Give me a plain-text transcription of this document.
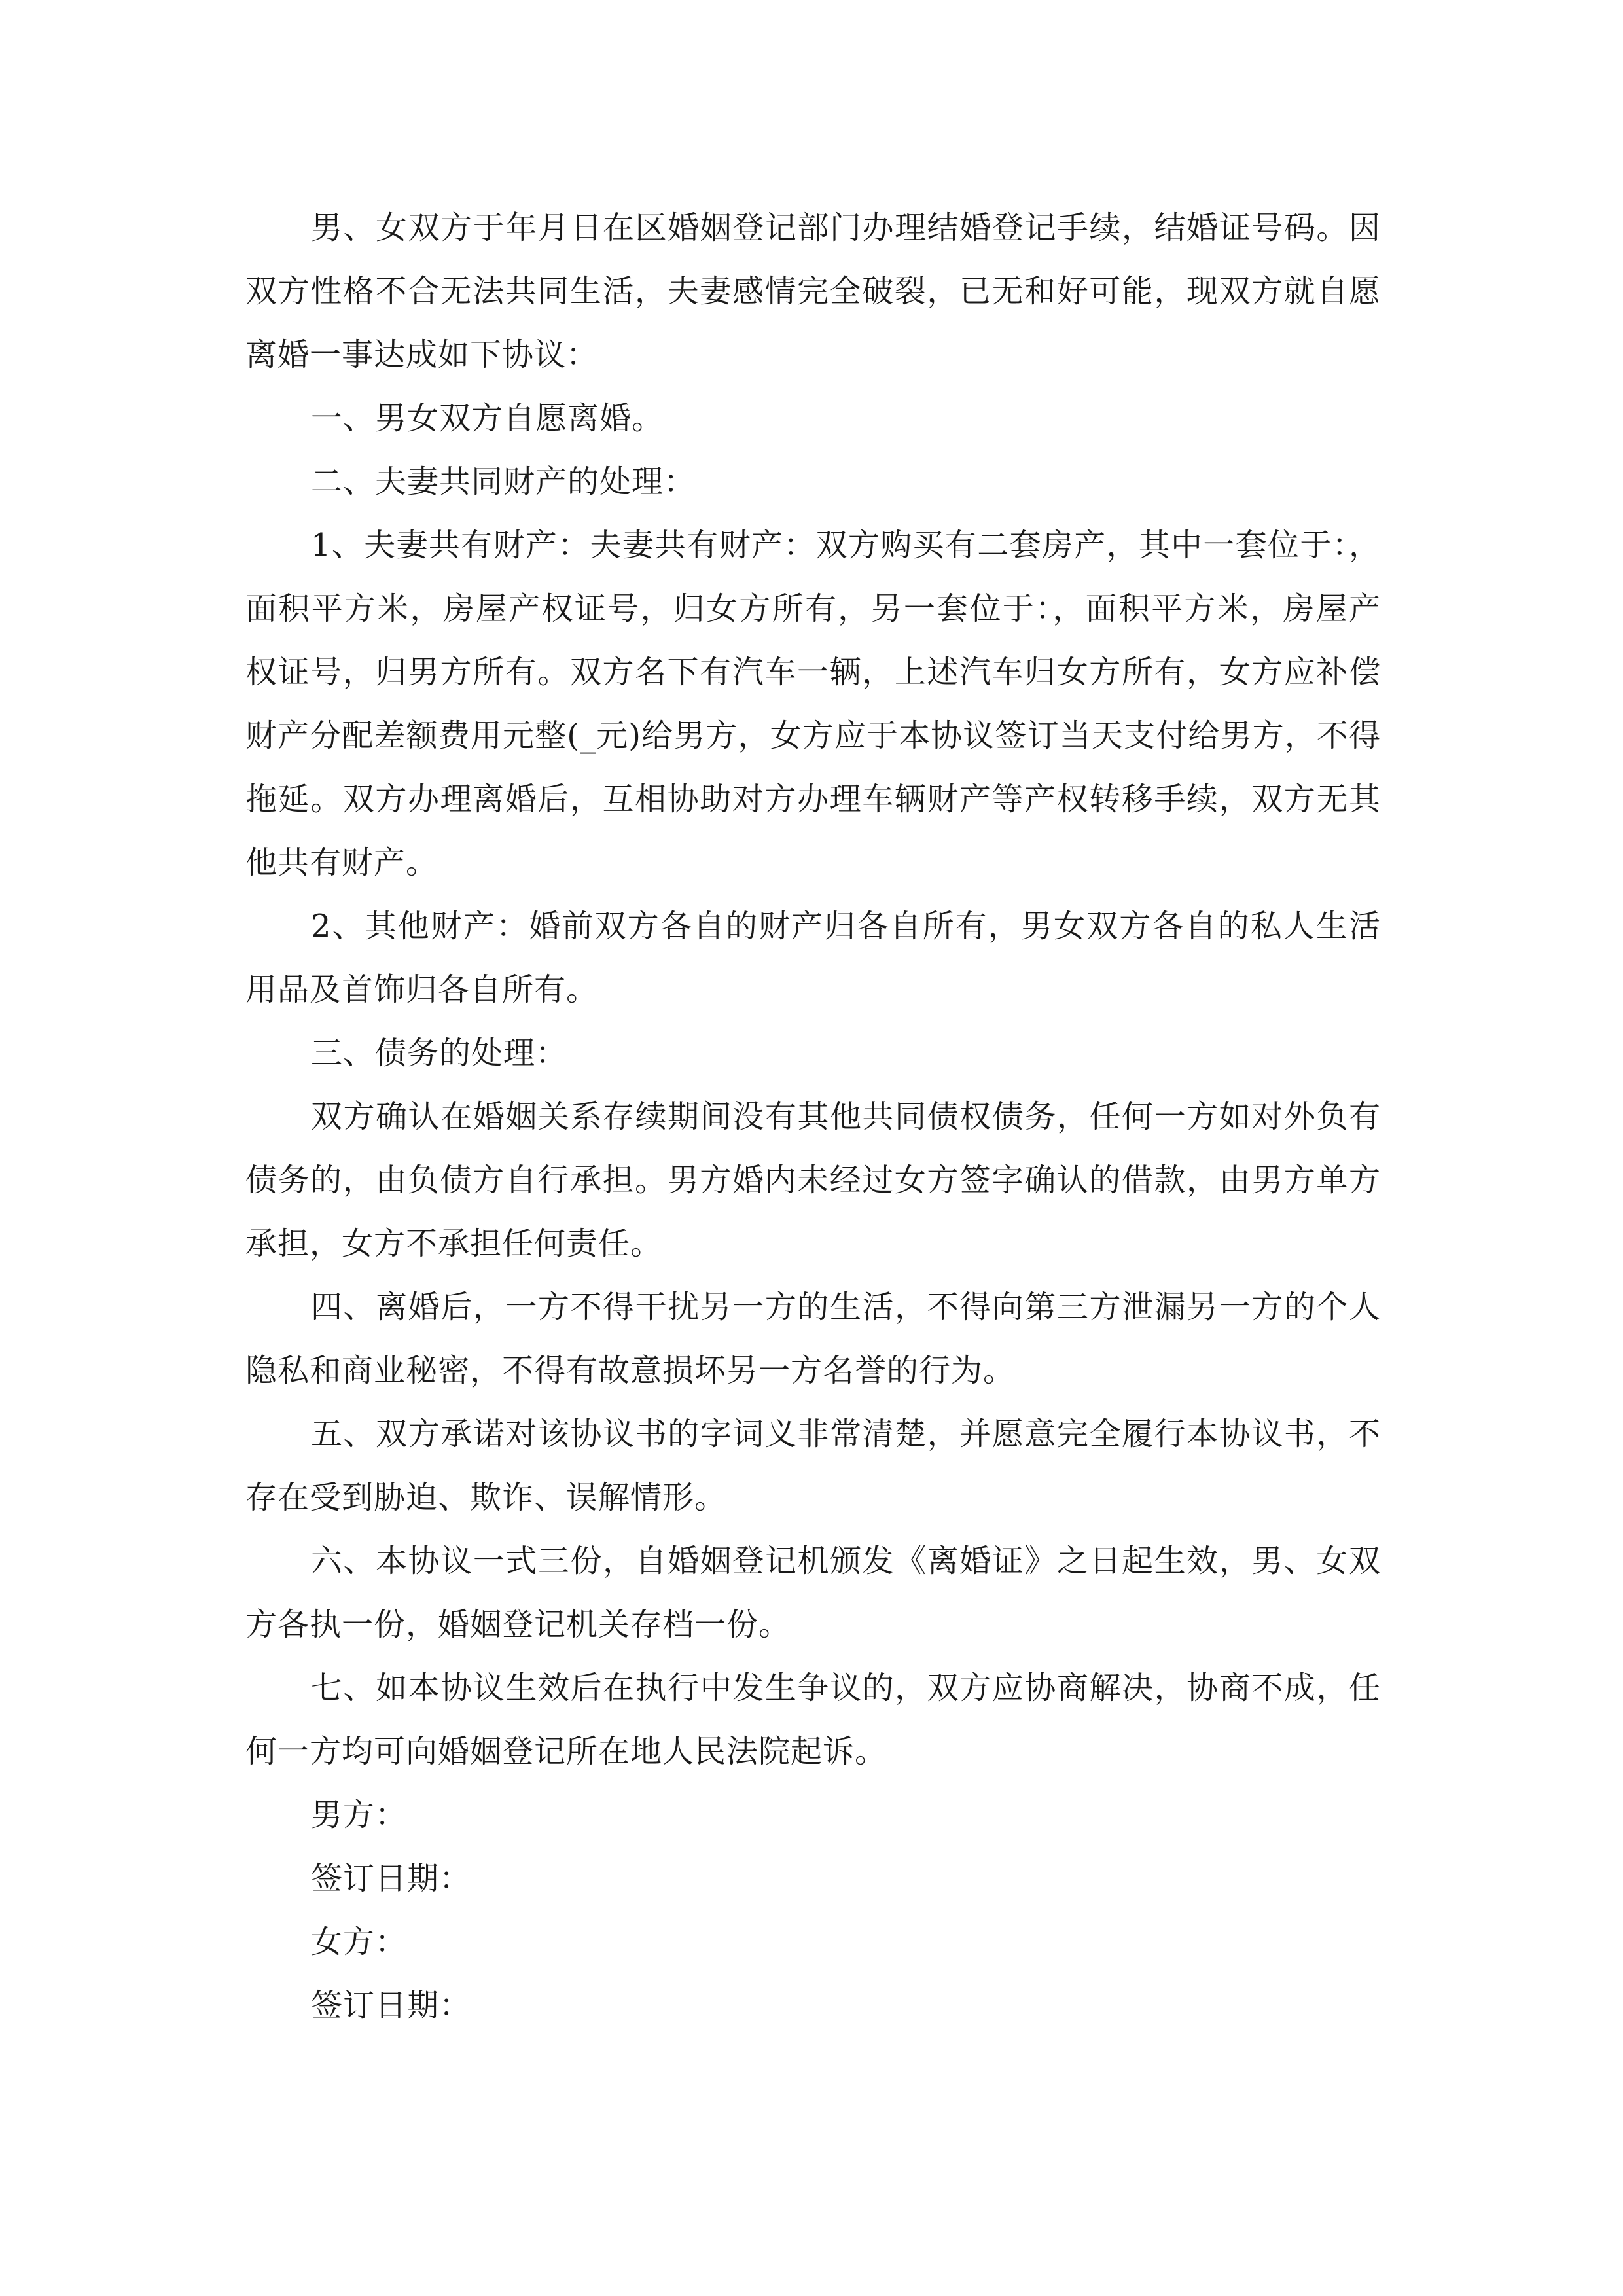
男、女双方于年月日在区婚姻登记部门办理结婚登记手续，结婚证号码。因双方性格不合无法共同生活，夫妻感情完全破裂，已无和好可能，现双方就自愿离婚一事达成如下协议：

一、男女双方自愿离婚。

二、夫妻共同财产的处理：

1、夫妻共有财产：夫妻共有财产：双方购买有二套房产，其中一套位于：，面积平方米，房屋产权证号，归女方所有，另一套位于：，面积平方米，房屋产权证号，归男方所有。双方名下有汽车一辆，上述汽车归女方所有，女方应补偿财产分配差额费用元整(_元)给男方，女方应于本协议签订当天支付给男方，不得拖延。双方办理离婚后，互相协助对方办理车辆财产等产权转移手续，双方无其他共有财产。

2、其他财产：婚前双方各自的财产归各自所有，男女双方各自的私人生活用品及首饰归各自所有。

三、债务的处理：

双方确认在婚姻关系存续期间没有其他共同债权债务，任何一方如对外负有债务的，由负债方自行承担。男方婚内未经过女方签字确认的借款，由男方单方承担，女方不承担任何责任。

四、离婚后，一方不得干扰另一方的生活，不得向第三方泄漏另一方的个人隐私和商业秘密，不得有故意损坏另一方名誉的行为。

五、双方承诺对该协议书的字词义非常清楚，并愿意完全履行本协议书，不存在受到胁迫、欺诈、误解情形。

六、本协议一式三份，自婚姻登记机颁发《离婚证》之日起生效，男、女双方各执一份，婚姻登记机关存档一份。

七、如本协议生效后在执行中发生争议的，双方应协商解决，协商不成，任何一方均可向婚姻登记所在地人民法院起诉。

男方：

签订日期：

女方：

签订日期：
